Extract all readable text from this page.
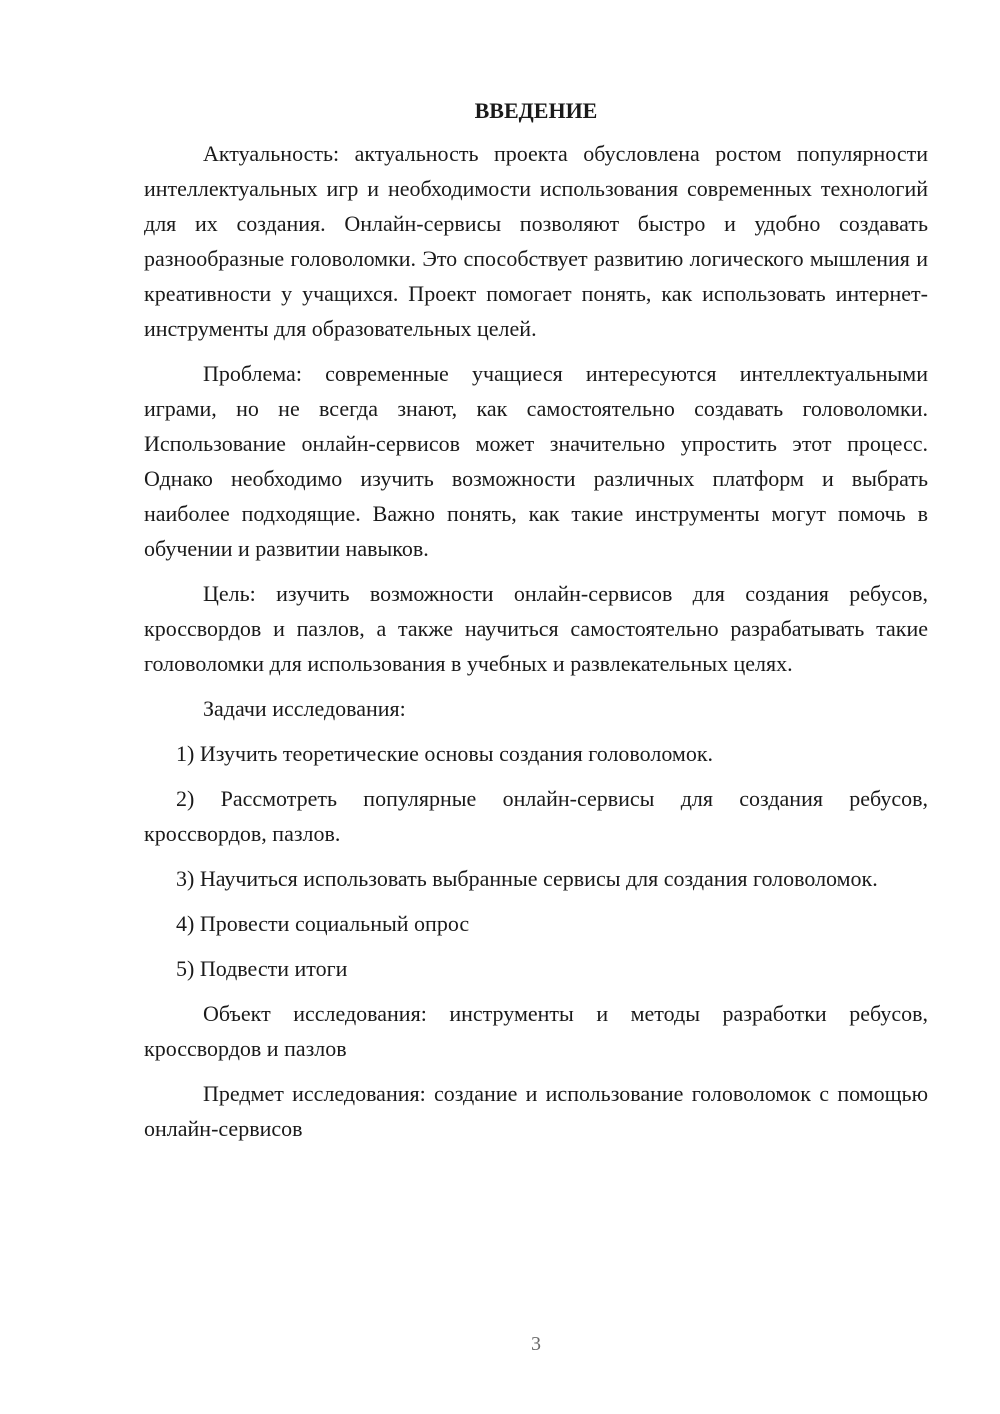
ВВЕДЕНИЕ

Актуальность: актуальность проекта обусловлена ростом популярности интеллектуальных игр и необходимости использования современных технологий для их создания. Онлайн-сервисы позволяют быстро и удобно создавать разнообразные головоломки. Это способствует развитию логического мышления и креативности у учащихся. Проект помогает понять, как использовать интернет-инструменты для образовательных целей.

Проблема: современные учащиеся интересуются интеллектуальными играми, но не всегда знают, как самостоятельно создавать головоломки. Использование онлайн-сервисов может значительно упростить этот процесс. Однако необходимо изучить возможности различных платформ и выбрать наиболее подходящие. Важно понять, как такие инструменты могут помочь в обучении и развитии навыков.

Цель: изучить возможности онлайн-сервисов для создания ребусов, кроссвордов и пазлов, а также научиться самостоятельно разрабатывать такие головоломки для использования в учебных и развлекательных целях.

Задачи исследования:

1) Изучить теоретические основы создания головоломок.

2) Рассмотреть популярные онлайн-сервисы для создания ребусов, кроссвордов, пазлов.

3) Научиться использовать выбранные сервисы для создания головоломок.

4) Провести социальный опрос

5) Подвести итоги

Объект исследования: инструменты и методы разработки ребусов, кроссвордов и пазлов

Предмет исследования: создание и использование головоломок с помощью онлайн-сервисов

3
